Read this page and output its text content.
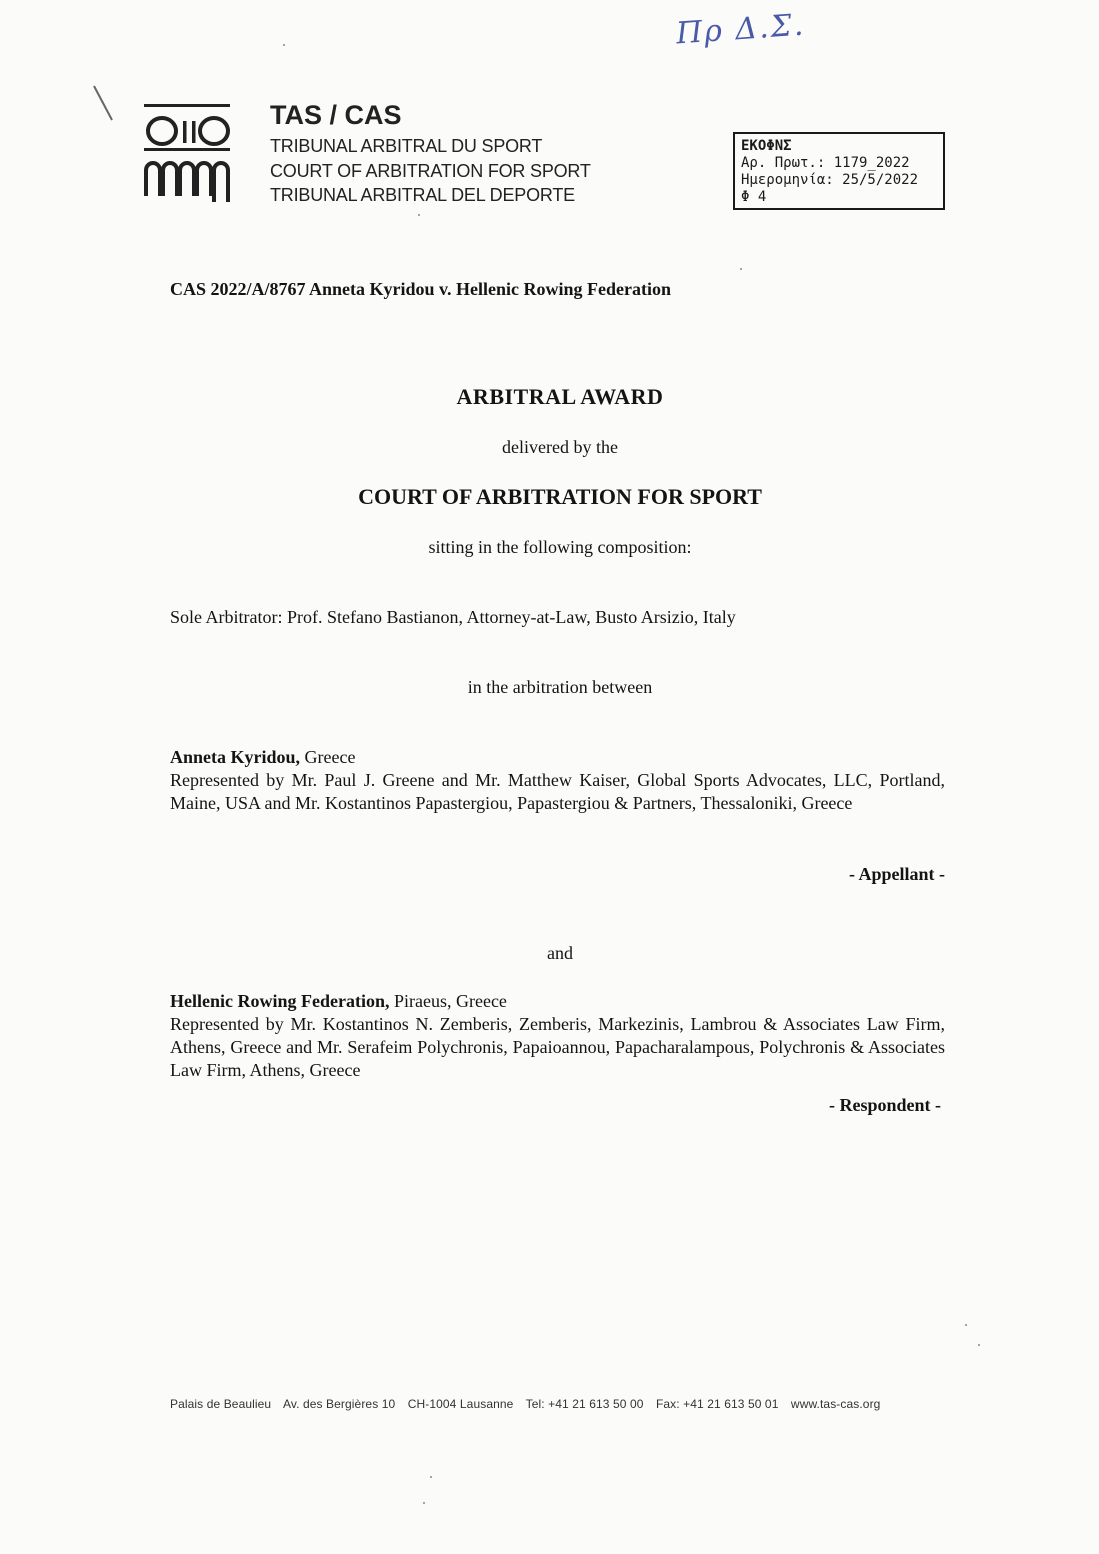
Πρ Δ.Σ.
TAS / CAS
TRIBUNAL ARBITRAL DU SPORT
COURT OF ARBITRATION FOR SPORT
TRIBUNAL ARBITRAL DEL DEPORTE
ΕΚΟΦΝΣ
Αρ. Πρωτ.: 1179_2022
Ημερομηνία: 25/5/2022
Φ 4
CAS 2022/A/8767 Anneta Kyridou v. Hellenic Rowing Federation
ARBITRAL AWARD
delivered by the
COURT OF ARBITRATION FOR SPORT
sitting in the following composition:
Sole Arbitrator: Prof. Stefano Bastianon, Attorney-at-Law, Busto Arsizio, Italy
in the arbitration between
Anneta Kyridou, Greece
Represented by Mr. Paul J. Greene and Mr. Matthew Kaiser, Global Sports Advocates, LLC, Portland, Maine, USA and Mr. Kostantinos Papastergiou, Papastergiou & Partners, Thessaloniki, Greece
- Appellant -
and
Hellenic Rowing Federation, Piraeus, Greece
Represented by Mr. Kostantinos N. Zemberis, Zemberis, Markezinis, Lambrou & Associates Law Firm, Athens, Greece and Mr. Serafeim Polychronis, Papaioannou, Papacharalampous, Polychronis & Associates Law Firm, Athens, Greece
- Respondent -
Palais de Beaulieu Av. des Bergières 10 CH-1004 Lausanne Tel: +41 21 613 50 00 Fax: +41 21 613 50 01 www.tas-cas.org
